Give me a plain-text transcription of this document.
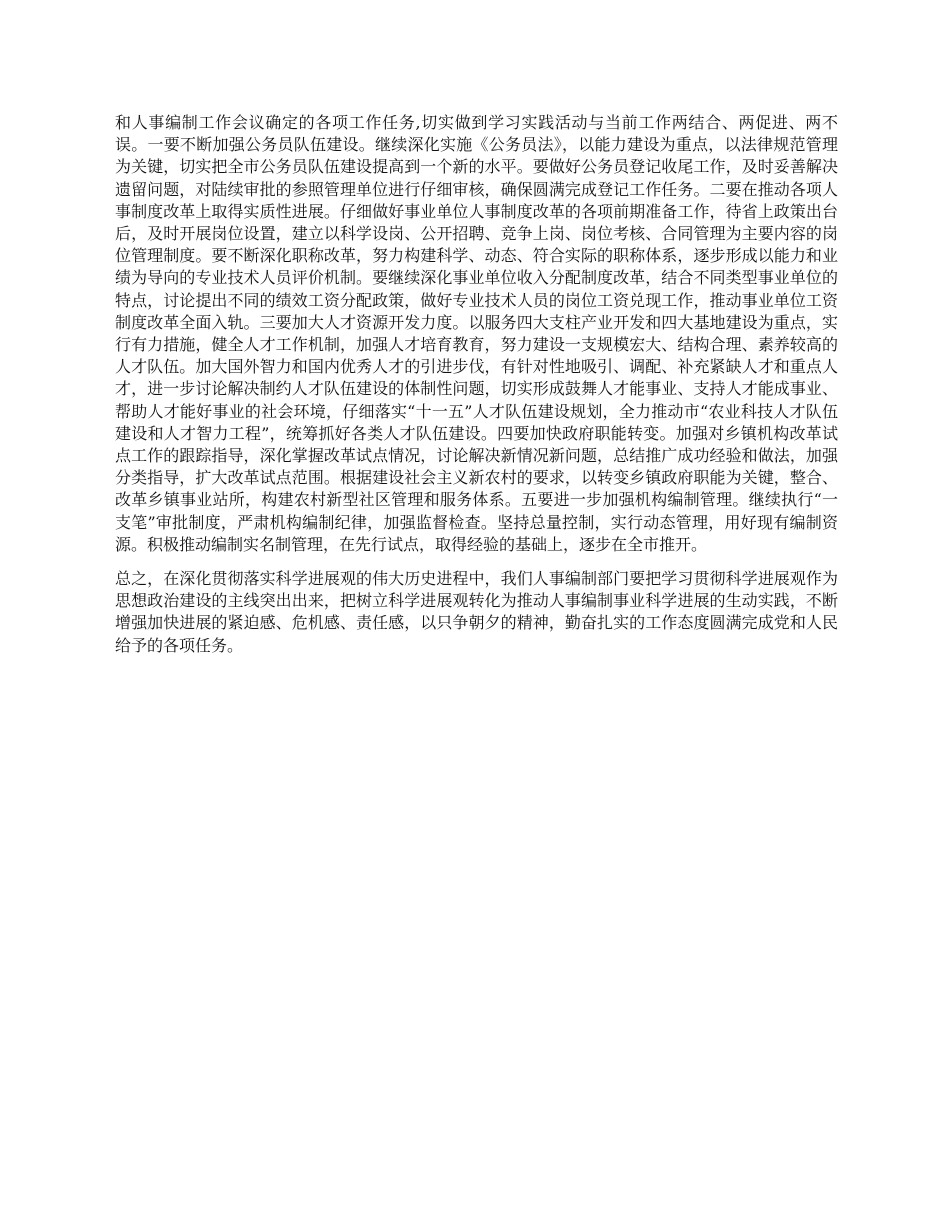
和人事编制工作会议确定的各项工作任务,切实做到学习实践活动与当前工作两结合、两促进、两不误。一要不断加强公务员队伍建设。继续深化实施《公务员法》，以能力建设为重点，以法律规范管理为关键，切实把全市公务员队伍建设提高到一个新的水平。要做好公务员登记收尾工作，及时妥善解决遗留问题，对陆续审批的参照管理单位进行仔细审核，确保圆满完成登记工作任务。二要在推动各项人事制度改革上取得实质性进展。仔细做好事业单位人事制度改革的各项前期准备工作，待省上政策出台后，及时开展岗位设置，建立以科学设岗、公开招聘、竞争上岗、岗位考核、合同管理为主要内容的岗位管理制度。要不断深化职称改革，努力构建科学、动态、符合实际的职称体系，逐步形成以能力和业绩为导向的专业技术人员评价机制。要继续深化事业单位收入分配制度改革，结合不同类型事业单位的特点，讨论提出不同的绩效工资分配政策，做好专业技术人员的岗位工资兑现工作，推动事业单位工资制度改革全面入轨。三要加大人才资源开发力度。以服务四大支柱产业开发和四大基地建设为重点，实行有力措施，健全人才工作机制，加强人才培育教育，努力建设一支规模宏大、结构合理、素养较高的人才队伍。加大国外智力和国内优秀人才的引进步伐，有针对性地吸引、调配、补充紧缺人才和重点人才，进一步讨论解决制约人才队伍建设的体制性问题，切实形成鼓舞人才能事业、支持人才能成事业、帮助人才能好事业的社会环境，仔细落实“十一五”人才队伍建设规划，全力推动市“农业科技人才队伍建设和人才智力工程”，统筹抓好各类人才队伍建设。四要加快政府职能转变。加强对乡镇机构改革试点工作的跟踪指导，深化掌握改革试点情况，讨论解决新情况新问题，总结推广成功经验和做法，加强分类指导，扩大改革试点范围。根据建设社会主义新农村的要求，以转变乡镇政府职能为关键，整合、改革乡镇事业站所，构建农村新型社区管理和服务体系。五要进一步加强机构编制管理。继续执行“一支笔”审批制度，严肃机构编制纪律，加强监督检查。坚持总量控制，实行动态管理，用好现有编制资源。积极推动编制实名制管理，在先行试点，取得经验的基础上，逐步在全市推开。

总之，在深化贯彻落实科学进展观的伟大历史进程中，我们人事编制部门要把学习贯彻科学进展观作为思想政治建设的主线突出出来，把树立科学进展观转化为推动人事编制事业科学进展的生动实践，不断增强加快进展的紧迫感、危机感、责任感，以只争朝夕的精神，勤奋扎实的工作态度圆满完成党和人民给予的各项任务。
